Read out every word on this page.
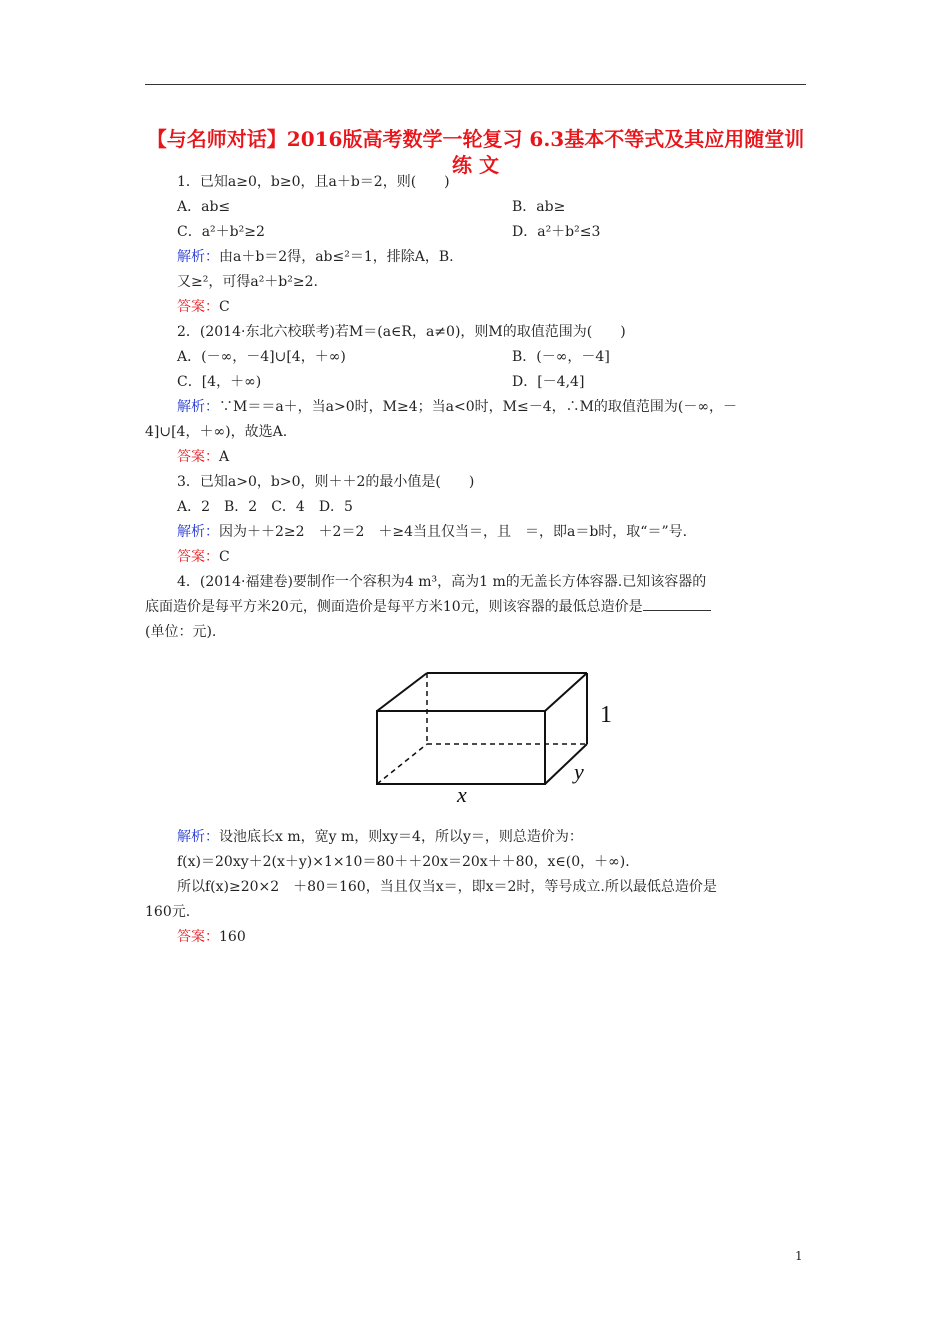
【与名师对话】2016版高考数学一轮复习 6.3基本不等式及其应用随堂训练 文
1．已知a≥0，b≥0，且a＋b＝2，则(　　)
A．ab≤	B．ab≥
C．a²＋b²≥2	D．a²＋b²≤3
解析：由a＋b＝2得，ab≤²＝1，排除A，B.
又≥²，可得a²＋b²≥2.
答案：C
2．(2014·东北六校联考)若M＝(a∈R，a≠0)，则M的取值范围为(　　)
A．(－∞，－4]∪[4，＋∞)	B．(－∞，－4]
C．[4，＋∞)	D．[－4,4]
解析：∵M＝＝a＋，当a>0时，M≥4；当a<0时，M≤－4，∴M的取值范围为(－∞，－
4]∪[4，＋∞)，故选A.
答案：A
3．已知a>0，b>0，则＋＋2的最小值是(　　)
A．2　B．2　C．4　D．5
解析：因为＋＋2≥2　＋2＝2　＋≥4当且仅当＝，且　＝，即a＝b时，取“＝”号.
答案：C
4．(2014·福建卷)要制作一个容积为4 m³，高为1 m的无盖长方体容器.已知该容器的
底面造价是每平方米20元，侧面造价是每平方米10元，则该容器的最低总造价是
(单位：元).
1
y
x
解析：设池底长x m，宽y m，则xy＝4，所以y＝，则总造价为：
f(x)＝20xy＋2(x＋y)×1×10＝80＋＋20x＝20x＋＋80，x∈(0，＋∞).
所以f(x)≥20×2　＋80＝160，当且仅当x＝，即x＝2时，等号成立.所以最低总造价是
160元.
答案：160
1
